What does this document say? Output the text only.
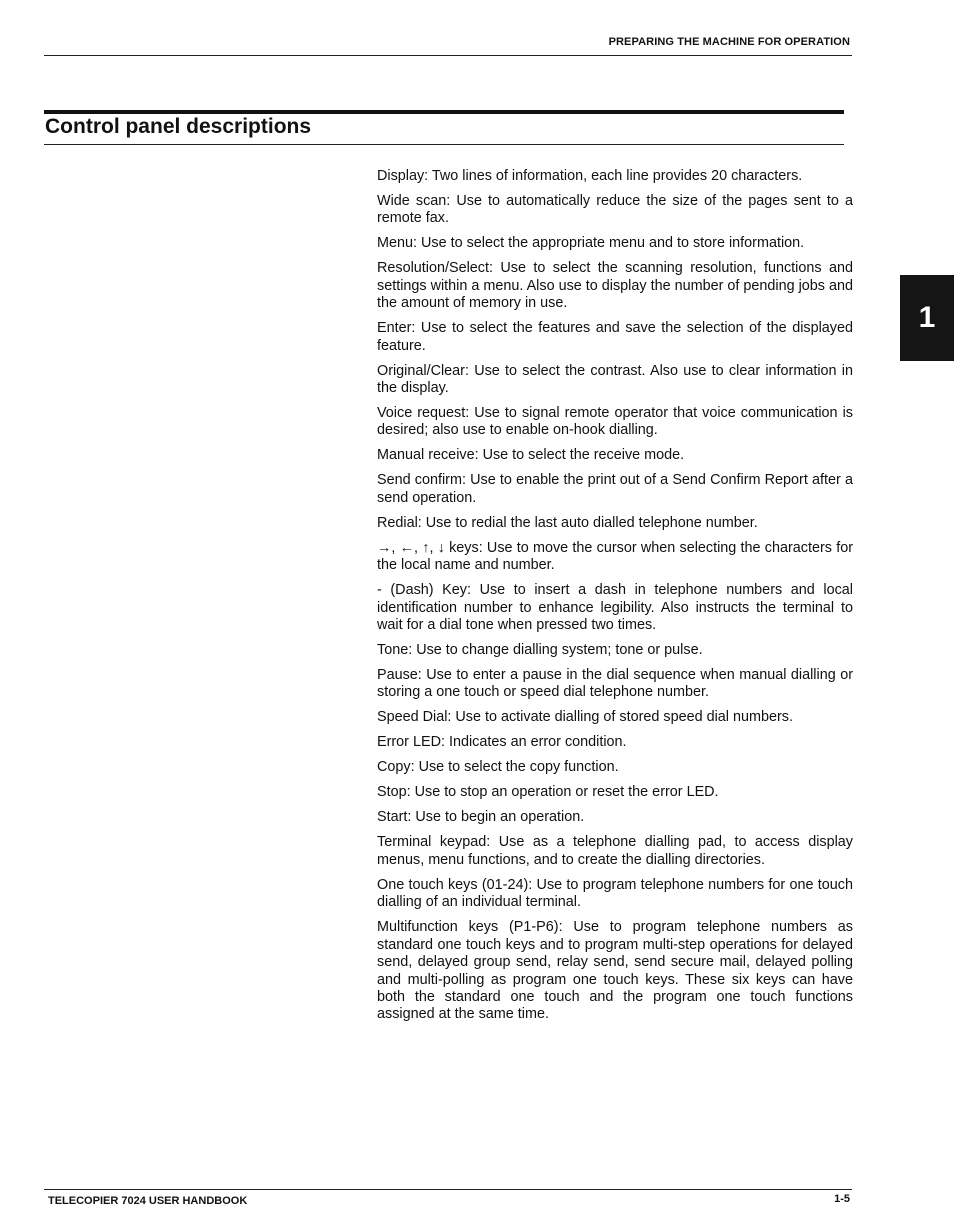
PREPARING THE MACHINE FOR OPERATION
Control panel descriptions
1
Display: Two lines of information, each line provides 20 characters.
Wide scan: Use to automatically reduce the size of the pages sent to a remote fax.
Menu: Use to select the appropriate menu and to store information.
Resolution/Select: Use to select the scanning resolution, functions and settings within a menu. Also use to display the number of pending jobs and the amount of memory in use.
Enter: Use to select the features and save the selection of the displayed feature.
Original/Clear: Use to select the contrast. Also use to clear information in the display.
Voice request: Use to signal remote operator that voice communication is desired; also use to enable on-hook dialling.
Manual receive: Use to select the receive mode.
Send confirm: Use to enable the print out of a Send Confirm Report after a send operation.
Redial: Use to redial the last auto dialled telephone number.
→, ←, ↑, ↓ keys: Use to move the cursor when selecting the characters for the local name and number.
- (Dash) Key: Use to insert a dash in telephone numbers and local identification number to enhance legibility. Also instructs the terminal to wait for a dial tone when pressed two times.
Tone: Use to change dialling system; tone or pulse.
Pause: Use to enter a pause in the dial sequence when manual dialling or storing a one touch or speed dial telephone number.
Speed Dial: Use to activate dialling of stored speed dial numbers.
Error LED: Indicates an error condition.
Copy: Use to select the copy function.
Stop: Use to stop an operation or reset the error LED.
Start: Use to begin an operation.
Terminal keypad: Use as a telephone dialling pad, to access display menus, menu functions, and to create the dialling directories.
One touch keys (01-24): Use to program telephone numbers for one touch dialling of an individual terminal.
Multifunction keys (P1-P6): Use to program telephone numbers as standard one touch keys and to program multi-step operations for delayed send, delayed group send, relay send, send secure mail, delayed polling and multi-polling as program one touch keys. These six keys can have both the standard one touch and the program one touch functions assigned at the same time.
TELECOPIER 7024 USER HANDBOOK	1-5
